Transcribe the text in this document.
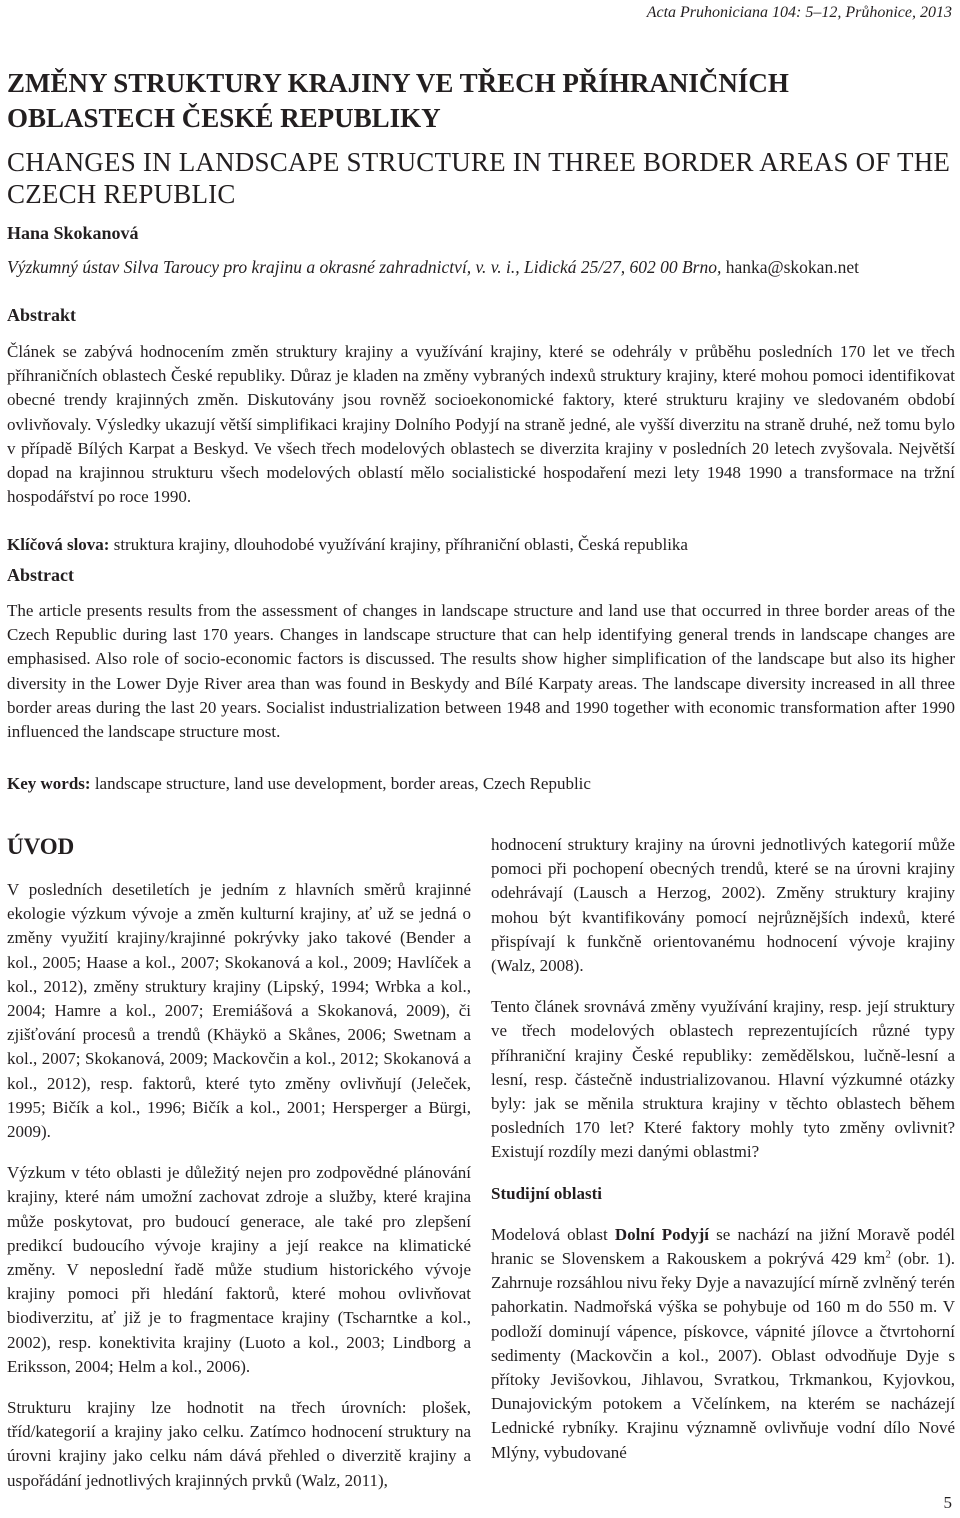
Acta Pruhoniciana 104: 5–12, Průhonice, 2013
ZMĚNY STRUKTURY KRAJINY VE TŘECH PŘÍHRANIČNÍCH OBLASTECH ČESKÉ REPUBLIKY
CHANGES IN LANDSCAPE STRUCTURE IN THREE BORDER AREAS OF THE CZECH REPUBLIC

Hana Skokanová

Výzkumný ústav Silva Taroucy pro krajinu a okrasné zahradnictví, v. v. i., Lidická 25/27, 602 00 Brno, hanka@skokan.net

Abstrakt

Článek se zabývá hodnocením změn struktury krajiny a využívání krajiny, které se odehrály v průběhu posledních 170 let ve třech příhraničních oblastech České republiky. Důraz je kladen na změny vybraných indexů struktury krajiny, které mohou pomoci identifikovat obecné trendy krajinných změn. Diskutovány jsou rovněž socioekonomické faktory, které strukturu krajiny ve sledovaném období ovlivňovaly. Výsledky ukazují větší simplifikaci krajiny Dolního Podyjí na straně jedné, ale vyšší diverzitu na straně druhé, než tomu bylo v případě Bílých Karpat a Beskyd. Ve všech třech modelových oblastech se diverzita krajiny v posledních 20 letech zvyšovala. Největší dopad na krajinnou strukturu všech modelových oblastí mělo socialistické hospodaření mezi lety 1948 1990 a transformace na tržní hospodářství po roce 1990.

Klíčová slova: struktura krajiny, dlouhodobé využívání krajiny, příhraniční oblasti, Česká republika

Abstract

The article presents results from the assessment of changes in landscape structure and land use that occurred in three border areas of the Czech Republic during last 170 years. Changes in landscape structure that can help identifying general trends in landscape changes are emphasised. Also role of socio-economic factors is discussed. The results show higher simplification of the landscape but also its higher diversity in the Lower Dyje River area than was found in Beskydy and Bílé Karpaty areas. The landscape diversity increased in all three border areas during the last 20 years. Socialist industrialization between 1948 and 1990 together with economic transformation after 1990 influenced the landscape structure most.

Key words: landscape structure, land use development, border areas, Czech Republic

ÚVOD

V posledních desetiletích je jedním z hlavních směrů krajinné ekologie výzkum vývoje a změn kulturní krajiny, ať už se jedná o změny využití krajiny/krajinné pokrývky jako takové (Bender a kol., 2005; Haase a kol., 2007; Skokanová a kol., 2009; Havlíček a kol., 2012), změny struktury krajiny (Lipský, 1994; Wrbka a kol., 2004; Hamre a kol., 2007; Eremiášová a Skokanová, 2009), či zjišťování procesů a trendů (Khäykö a Skånes, 2006; Swetnam a kol., 2007; Skokanová, 2009; Mackovčin a kol., 2012; Skokanová a kol., 2012), resp. faktorů, které tyto změny ovlivňují (Jeleček, 1995; Bičík a kol., 1996; Bičík a kol., 2001; Hersperger a Bürgi, 2009).

Výzkum v této oblasti je důležitý nejen pro zodpovědné plánování krajiny, které nám umožní zachovat zdroje a služby, které krajina může poskytovat, pro budoucí generace, ale také pro zlepšení predikcí budoucího vývoje krajiny a její reakce na klimatické změny. V neposlední řadě může studium historického vývoje krajiny pomoci při hledání faktorů, které mohou ovlivňovat biodiverzitu, ať již je to fragmentace krajiny (Tscharntke a kol., 2002), resp. konektivita krajiny (Luoto a kol., 2003; Lindborg a Eriksson, 2004; Helm a kol., 2006).

Strukturu krajiny lze hodnotit na třech úrovních: plošek, tříd/kategorií a krajiny jako celku. Zatímco hodnocení struktury na úrovni krajiny jako celku nám dává přehled o diverzitě krajiny a uspořádání jednotlivých krajinných prvků (Walz, 2011),

hodnocení struktury krajiny na úrovni jednotlivých kategorií může pomoci při pochopení obecných trendů, které se na úrovni krajiny odehrávají (Lausch a Herzog, 2002). Změny struktury krajiny mohou být kvantifikovány pomocí nejrůznějších indexů, které přispívají k funkčně orientovanému hodnocení vývoje krajiny (Walz, 2008).

Tento článek srovnává změny využívání krajiny, resp. její struktury ve třech modelových oblastech reprezentujících různé typy příhraniční krajiny České republiky: zemědělskou, lučně-lesní a lesní, resp. částečně industrializovanou. Hlavní výzkumné otázky byly: jak se měnila struktura krajiny v těchto oblastech během posledních 170 let? Které faktory mohly tyto změny ovlivnit? Existují rozdíly mezi danými oblastmi?

Studijní oblasti

Modelová oblast Dolní Podyjí se nachází na jižní Moravě podél hranic se Slovenskem a Rakouskem a pokrývá 429 $km^2$ (obr. 1). Zahrnuje rozsáhlou nivu řeky Dyje a navazující mírně zvlněný terén pahorkatin. Nadmořská výška se pohybuje od 160 m do 550 m. V podloží dominují vápence, pískovce, vápnité jílovce a čtvrtohorní sedimenty (Mackovčin a kol., 2007). Oblast odvodňuje Dyje s přítoky Jevišovkou, Jihlavou, Svratkou, Trkmankou, Kyjovkou, Dunajovickým potokem a Včelínkem, na kterém se nacházejí Lednické rybníky. Krajinu významně ovlivňuje vodní dílo Nové Mlýny, vybudované

5
